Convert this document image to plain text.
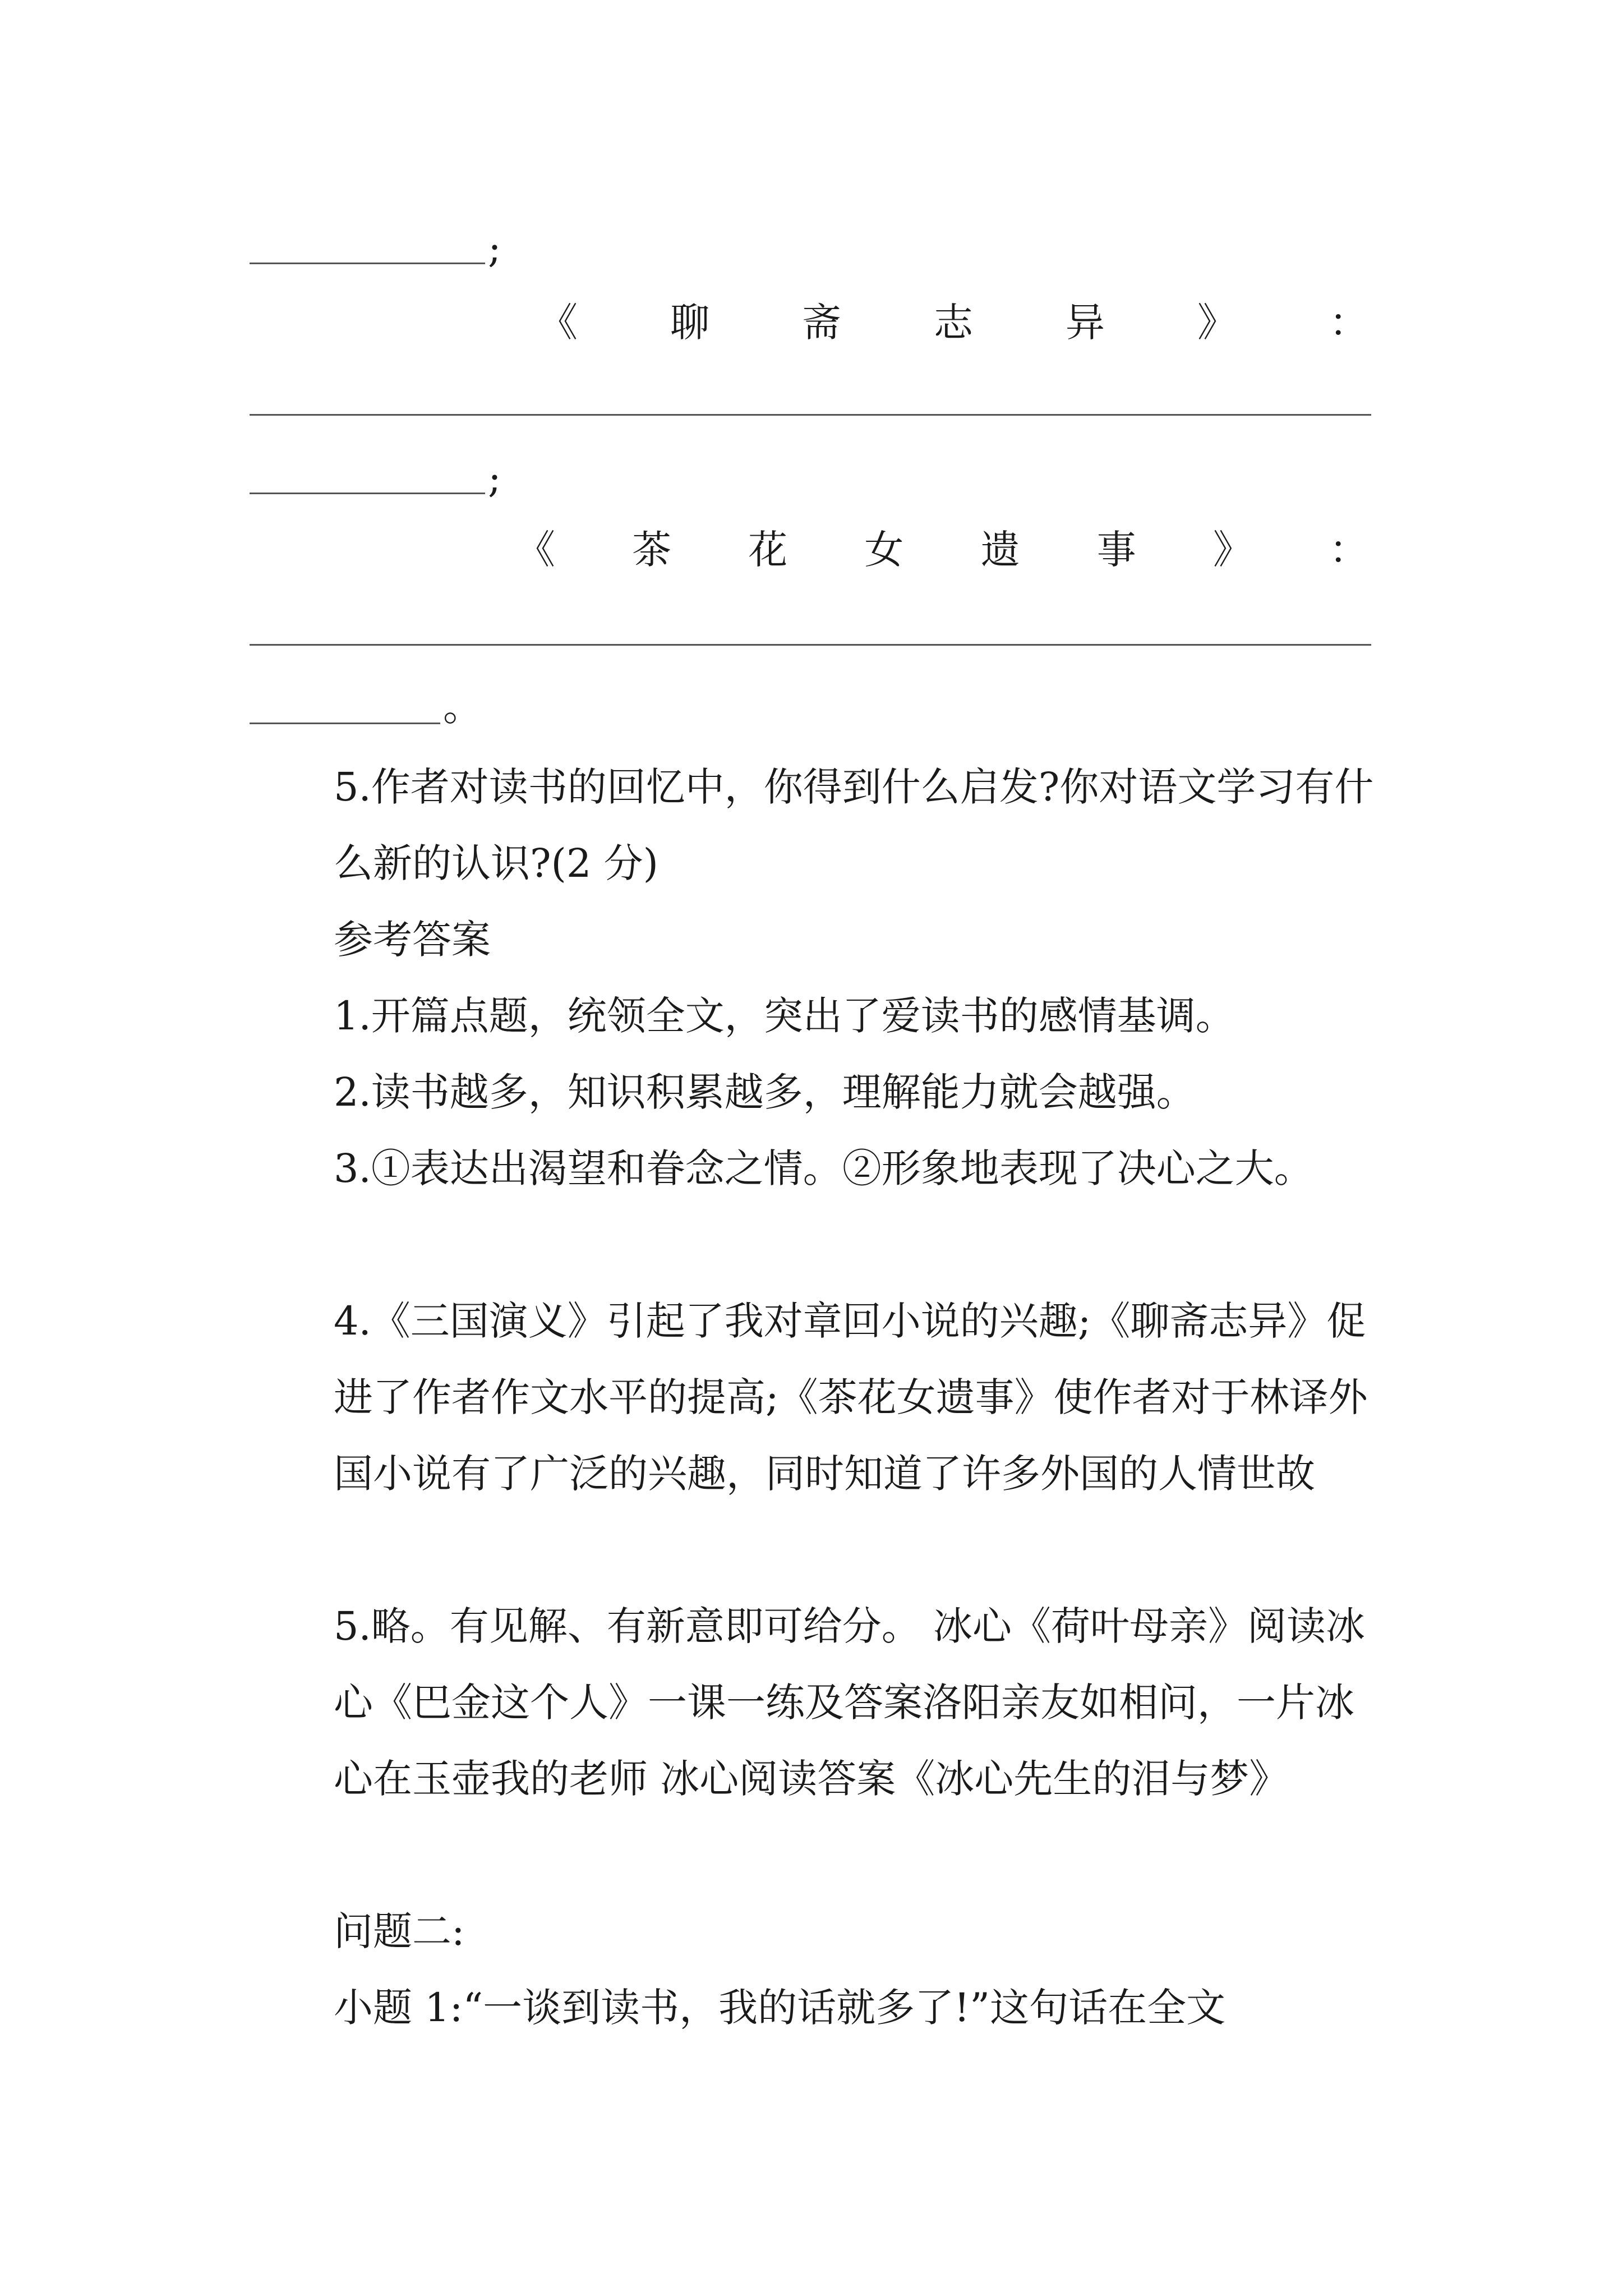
;
《 聊 斋 志 异 》 ：
;
《 茶 花 女 遗 事 》 ：
。
5.作者对读书的回忆中，你得到什么启发?你对语文学习有什么新的认识?(2 分)
参考答案
1.开篇点题，统领全文，突出了爱读书的感情基调。
2.读书越多，知识积累越多，理解能力就会越强。
3.①表达出渴望和眷念之情。②形象地表现了决心之大。
4.《三国演义》引起了我对章回小说的兴趣;《聊斋志异》促进了作者作文水平的提高;《茶花女遗事》使作者对于林译外国小说有了广泛的兴趣，同时知道了许多外国的人情世故
5.略。有见解、有新意即可给分。 冰心《荷叶母亲》阅读冰心《巴金这个人》一课一练及答案洛阳亲友如相问，一片冰心在玉壶我的老师 冰心阅读答案《冰心先生的泪与梦》
问题二:
小题 1:“一谈到读书，我的话就多了!”这句话在全文
